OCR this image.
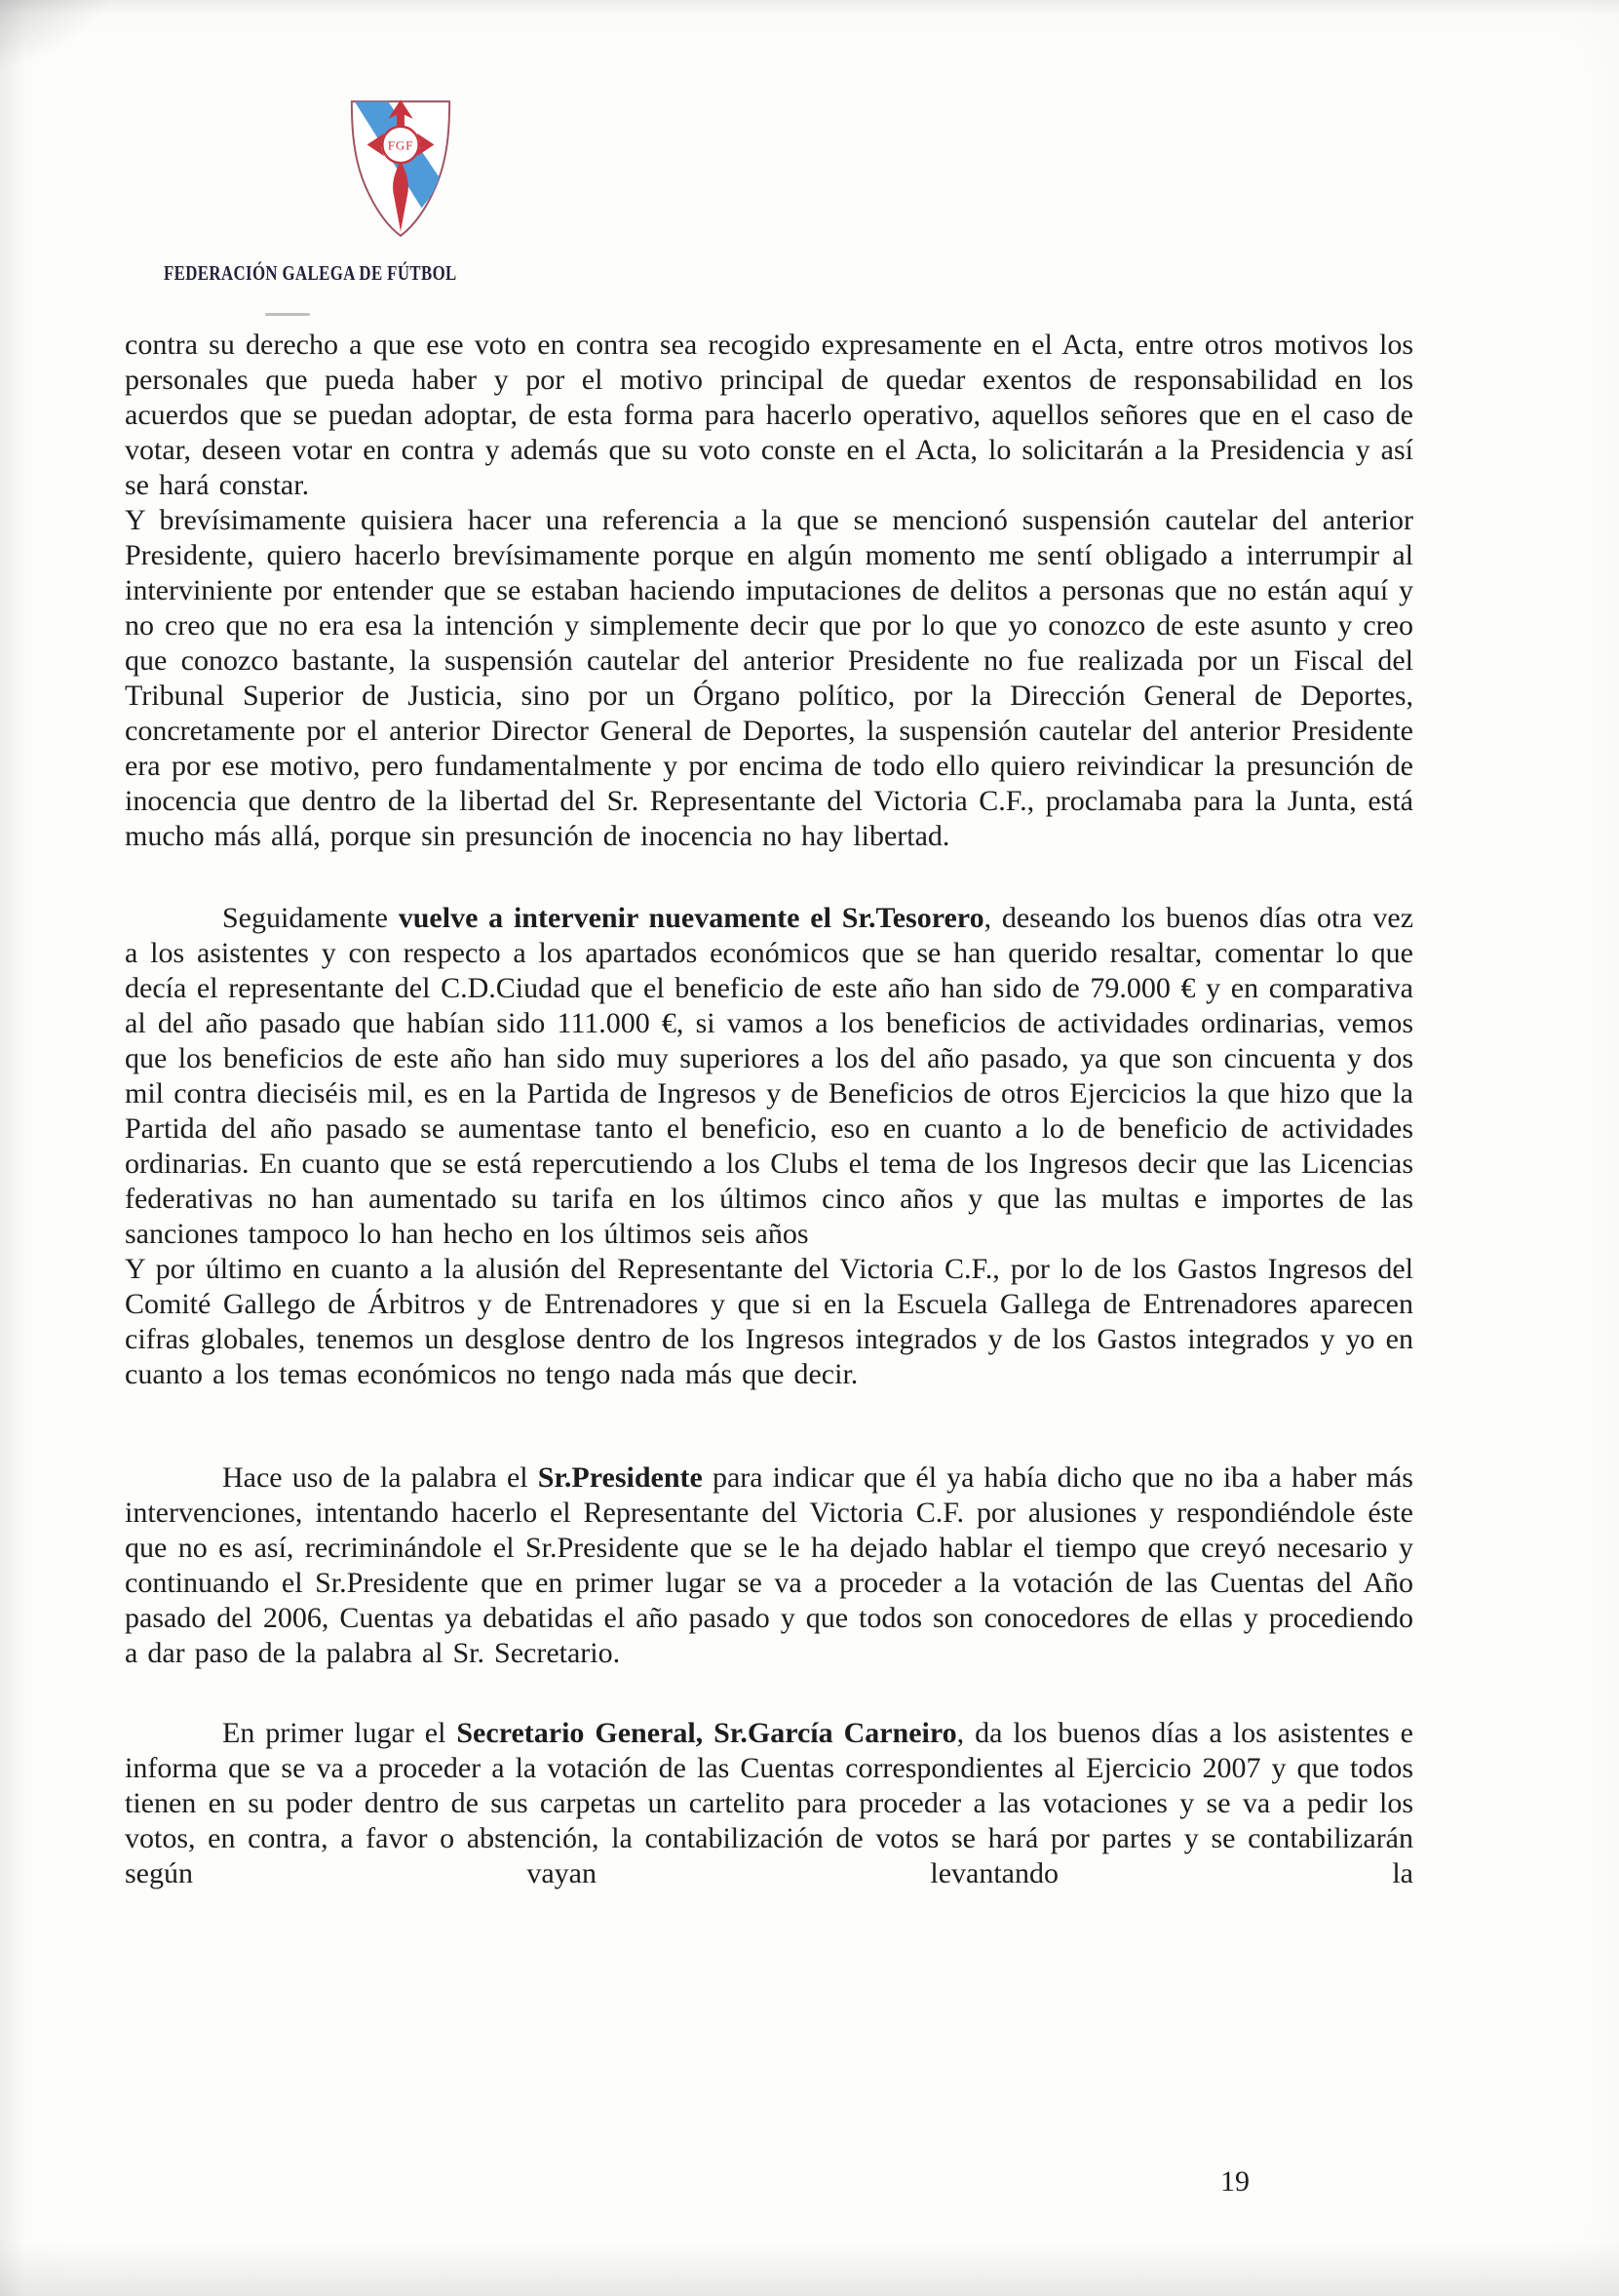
FGF
FEDERACIÓN GALEGA DE FÚTBOL

contra su derecho a que ese voto en contra sea recogido expresamente en el Acta, entre otros motivos los personales que pueda haber y por el motivo principal de quedar exentos de responsabilidad en los acuerdos que se puedan adoptar, de esta forma para hacerlo operativo, aquellos señores que en el caso de votar, deseen votar en contra y además que su voto conste en el Acta, lo solicitarán a la Presidencia y así se hará constar.

Y brevísimamente quisiera hacer una referencia a la que se mencionó suspensión cautelar del anterior Presidente, quiero hacerlo brevísimamente porque en algún momento me sentí obligado a interrumpir al interviniente por entender que se estaban haciendo imputaciones de delitos a personas que no están aquí y no creo que no era esa la intención y simplemente decir que por lo que yo conozco de este asunto y creo que conozco bastante, la suspensión cautelar del anterior Presidente no fue realizada por un Fiscal del Tribunal Superior de Justicia, sino por un Órgano político, por la Dirección General de Deportes, concretamente por el anterior Director General de Deportes, la suspensión cautelar del anterior Presidente era por ese motivo, pero fundamentalmente y por encima de todo ello quiero reivindicar la presunción de inocencia que dentro de la libertad del Sr. Representante del Victoria C.F., proclamaba para la Junta, está mucho más allá, porque sin presunción de inocencia no hay libertad.

Seguidamente vuelve a intervenir nuevamente el Sr.Tesorero, deseando los buenos días otra vez a los asistentes y con respecto a los apartados económicos que se han querido resaltar, comentar lo que decía el representante del C.D.Ciudad que el beneficio de este año han sido de 79.000 € y en comparativa al del año pasado que habían sido 111.000 €, si vamos a los beneficios de actividades ordinarias, vemos que los beneficios de este año han sido muy superiores a los del año pasado, ya que son cincuenta y dos mil contra dieciséis mil, es en la Partida de Ingresos y de Beneficios de otros Ejercicios la que hizo que la Partida del año pasado se aumentase tanto el beneficio, eso en cuanto a lo de beneficio de actividades ordinarias. En cuanto que se está repercutiendo a los Clubs el tema de los Ingresos decir que las Licencias federativas no han aumentado su tarifa en los últimos cinco años y que las multas e importes de las sanciones tampoco lo han hecho en los últimos seis años

Y por último en cuanto a la alusión del Representante del Victoria C.F., por lo de los Gastos Ingresos del Comité Gallego de Árbitros y de Entrenadores y que si en la Escuela Gallega de Entrenadores aparecen cifras globales, tenemos un desglose dentro de los Ingresos integrados y de los Gastos integrados y yo en cuanto a los temas económicos no tengo nada más que decir.

Hace uso de la palabra el Sr.Presidente para indicar que él ya había dicho que no iba a haber más intervenciones, intentando hacerlo el Representante del Victoria C.F. por alusiones y respondiéndole éste que no es así, recriminándole el Sr.Presidente que se le ha dejado hablar el tiempo que creyó necesario y continuando el Sr.Presidente que en primer lugar se va a proceder a la votación de las Cuentas del Año pasado del 2006, Cuentas ya debatidas el año pasado y que todos son conocedores de ellas y procediendo a dar paso de la palabra al Sr. Secretario.

En primer lugar el Secretario General, Sr.García Carneiro, da los buenos días a los asistentes e informa que se va a proceder a la votación de las Cuentas correspondientes al Ejercicio 2007 y que todos tienen en su poder dentro de sus carpetas un cartelito para proceder a las votaciones y se va a pedir los votos, en contra, a favor o abstención, la contabilización de votos se hará por partes y se contabilizarán según vayan levantando la

19
